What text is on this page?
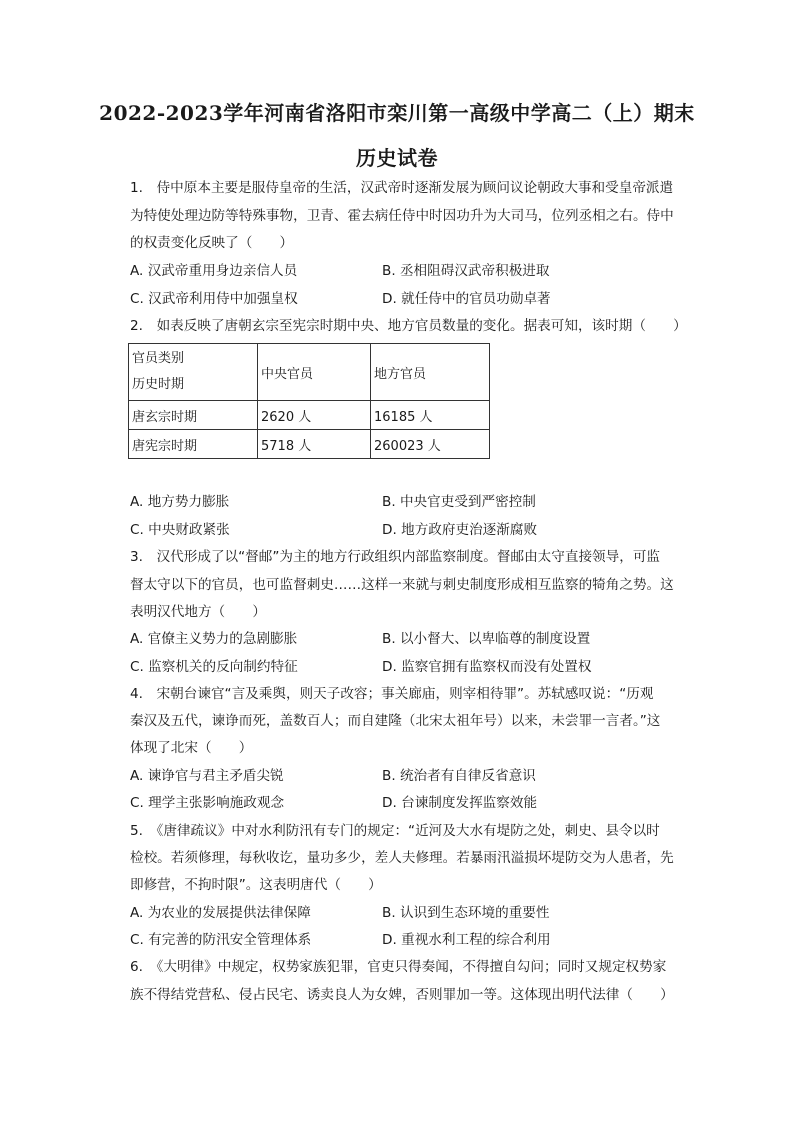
2022-2023学年河南省洛阳市栾川第一高级中学高二（上）期末
历史试卷
1.　侍中原本主要是服侍皇帝的生活，汉武帝时逐渐发展为顾问议论朝政大事和受皇帝派遣
为特使处理边防等特殊事物，卫青、霍去病任侍中时因功升为大司马，位列丞相之右。侍中
的权责变化反映了（　　）
A. 汉武帝重用身边亲信人员	B. 丞相阻碍汉武帝积极进取
C. 汉武帝利用侍中加强皇权	D. 就任侍中的官员功勋卓著
2.　如表反映了唐朝玄宗至宪宗时期中央、地方官员数量的变化。据表可知，该时期（　　）
官员类别
历史时期	中央官员	地方官员
唐玄宗时期	2620 人	16185 人
唐宪宗时期	5718 人	260023 人
A. 地方势力膨胀	B. 中央官吏受到严密控制
C. 中央财政紧张	D. 地方政府吏治逐渐腐败
3.　汉代形成了以“督邮”为主的地方行政组织内部监察制度。督邮由太守直接领导，可监
督太守以下的官员，也可监督刺史……这样一来就与刺史制度形成相互监察的犄角之势。这
表明汉代地方（　　）
A. 官僚主义势力的急剧膨胀	B. 以小督大、以卑临尊的制度设置
C. 监察机关的反向制约特征	D. 监察官拥有监察权而没有处置权
4.　宋朝台谏官“言及乘舆，则天子改容；事关廊庙，则宰相待罪”。苏轼感叹说：“历观
秦汉及五代，谏诤而死，盖数百人；而自建隆（北宋太祖年号）以来，未尝罪一言者。”这
体现了北宋（　　）
A. 谏诤官与君主矛盾尖锐	B. 统治者有自律反省意识
C. 理学主张影响施政观念	D. 台谏制度发挥监察效能
5.　《唐律疏议》中对水利防汛有专门的规定：“近河及大水有堤防之处，刺史、县令以时
检校。若须修理，每秋收讫，量功多少，差人夫修理。若暴雨汛溢损坏堤防交为人患者，先
即修营，不拘时限”。这表明唐代（　　）
A. 为农业的发展提供法律保障	B. 认识到生态环境的重要性
C. 有完善的防汛安全管理体系	D. 重视水利工程的综合利用
6.　《大明律》中规定，权势家族犯罪，官吏只得奏闻，不得擅自勾问；同时又规定权势家
族不得结党营私、侵占民宅、诱卖良人为女婢，否则罪加一等。这体现出明代法律（　　）
